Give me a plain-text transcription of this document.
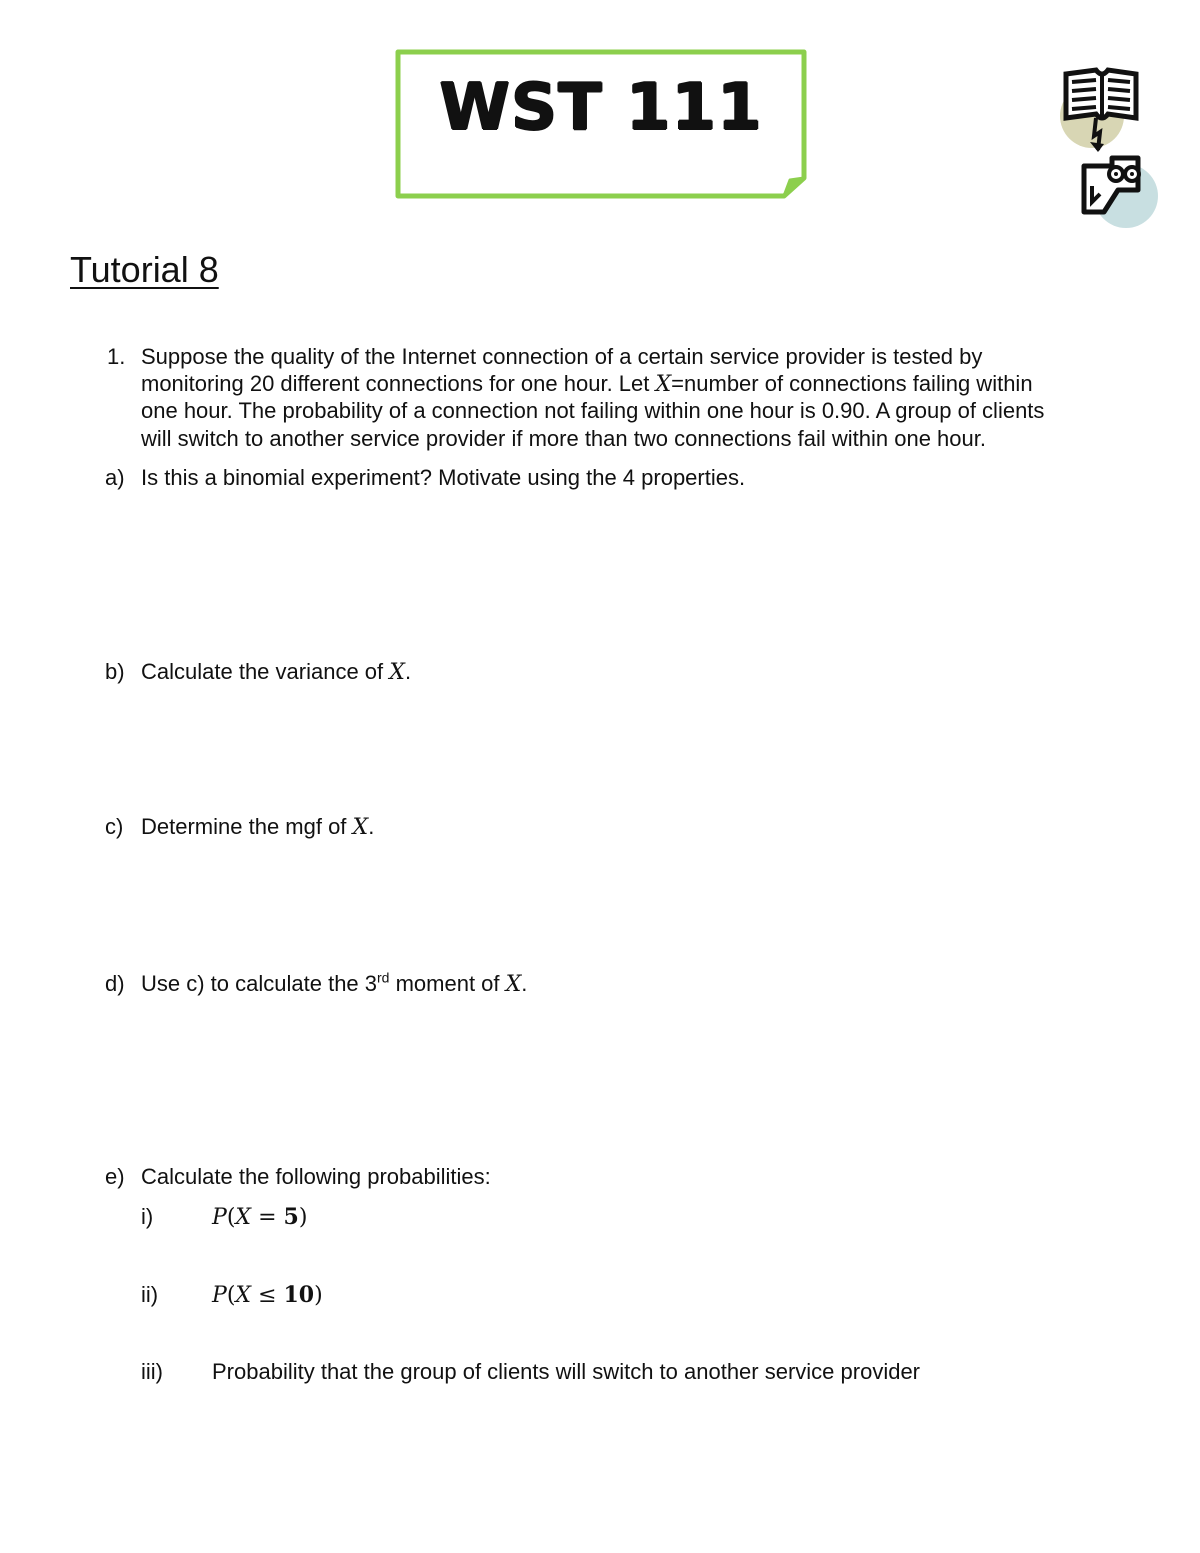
WST 111
Tutorial 8
1. Suppose the quality of the Internet connection of a certain service provider is tested by
monitoring 20 different connections for one hour. Let X=number of connections failing within
one hour. The probability of a connection not failing within one hour is 0.90. A group of clients
will switch to another service provider if more than two connections fail within one hour.
a) Is this a binomial experiment? Motivate using the 4 properties.
b) Calculate the variance of X.
c) Determine the mgf of X.
d) Use c) to calculate the 3rd moment of X.
e) Calculate the following probabilities:
i)	P(X = 5)
ii) P(X ≤ 10)
iii) Probability that the group of clients will switch to another service provider
